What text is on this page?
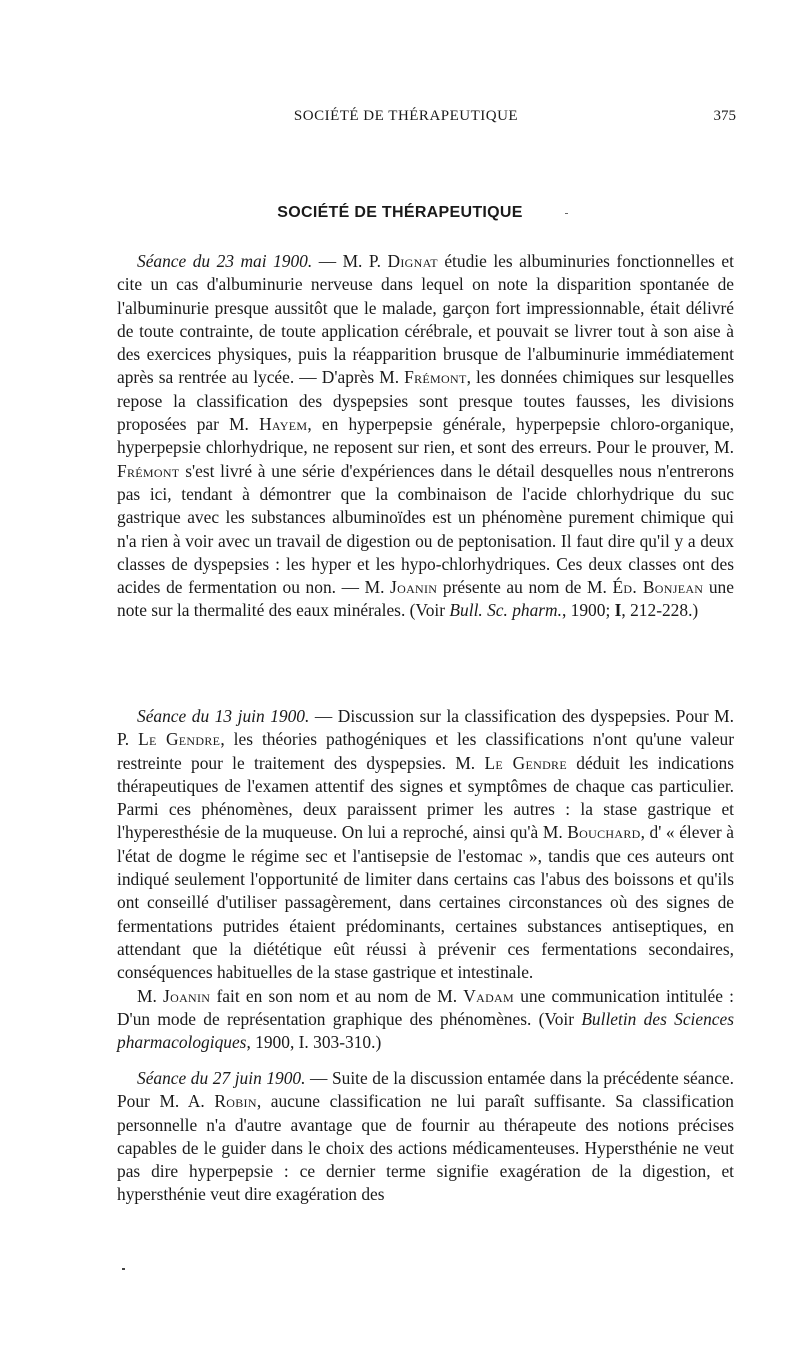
SOCIÉTÉ DE THÉRAPEUTIQUE	375
SOCIÉTÉ DE THÉRAPEUTIQUE

Séance du 23 mai 1900. — M. P. Dignat étudie les albuminuries fonctionnelles et cite un cas d'albuminurie nerveuse dans lequel on note la disparition spontanée de l'albuminurie presque aussitôt que le malade, garçon fort impressionnable, était délivré de toute contrainte, de toute application cérébrale, et pouvait se livrer tout à son aise à des exercices physiques, puis la réapparition brusque de l'albuminurie immédiatement après sa rentrée au lycée. — D'après M. Frémont, les données chimiques sur lesquelles repose la classification des dyspepsies sont presque toutes fausses, les divisions proposées par M. Hayem, en hyperpepsie générale, hyperpepsie chloro-organique, hyperpepsie chlorhydrique, ne reposent sur rien, et sont des erreurs. Pour le prouver, M. Frémont s'est livré à une série d'expériences dans le détail desquelles nous n'entrerons pas ici, tendant à démontrer que la combinaison de l'acide chlorhydrique du suc gastrique avec les substances albuminoïdes est un phénomène purement chimique qui n'a rien à voir avec un travail de digestion ou de peptonisation. Il faut dire qu'il y a deux classes de dyspepsies : les hyper et les hypo-chlorhydriques. Ces deux classes ont des acides de fermentation ou non. — M. Joanin présente au nom de M. Éd. Bonjean une note sur la thermalité des eaux minérales. (Voir Bull. Sc. pharm., 1900; I, 212-228.)

Séance du 13 juin 1900. — Discussion sur la classification des dyspepsies. Pour M. P. Le Gendre, les théories pathogéniques et les classifications n'ont qu'une valeur restreinte pour le traitement des dyspepsies. M. Le Gendre déduit les indications thérapeutiques de l'examen attentif des signes et symptômes de chaque cas particulier. Parmi ces phénomènes, deux paraissent primer les autres : la stase gastrique et l'hyperesthésie de la muqueuse. On lui a reproché, ainsi qu'à M. Bouchard, d' « élever à l'état de dogme le régime sec et l'antisepsie de l'estomac », tandis que ces auteurs ont indiqué seulement l'opportunité de limiter dans certains cas l'abus des boissons et qu'ils ont conseillé d'utiliser passagèrement, dans certaines circonstances où des signes de fermentations putrides étaient prédominants, certaines substances antiseptiques, en attendant que la diététique eût réussi à prévenir ces fermentations secondaires, conséquences habituelles de la stase gastrique et intestinale.

M. Joanin fait en son nom et au nom de M. Vadam une communication intitulée : D'un mode de représentation graphique des phénomènes. (Voir Bulletin des Sciences pharmacologiques, 1900, I. 303-310.)

Séance du 27 juin 1900. — Suite de la discussion entamée dans la précédente séance. Pour M. A. Robin, aucune classification ne lui paraît suffisante. Sa classification personnelle n'a d'autre avantage que de fournir au thérapeute des notions précises capables de le guider dans le choix des actions médicamenteuses. Hypersthénie ne veut pas dire hyperpepsie : ce dernier terme signifie exagération de la digestion, et hypersthénie veut dire exagération des
